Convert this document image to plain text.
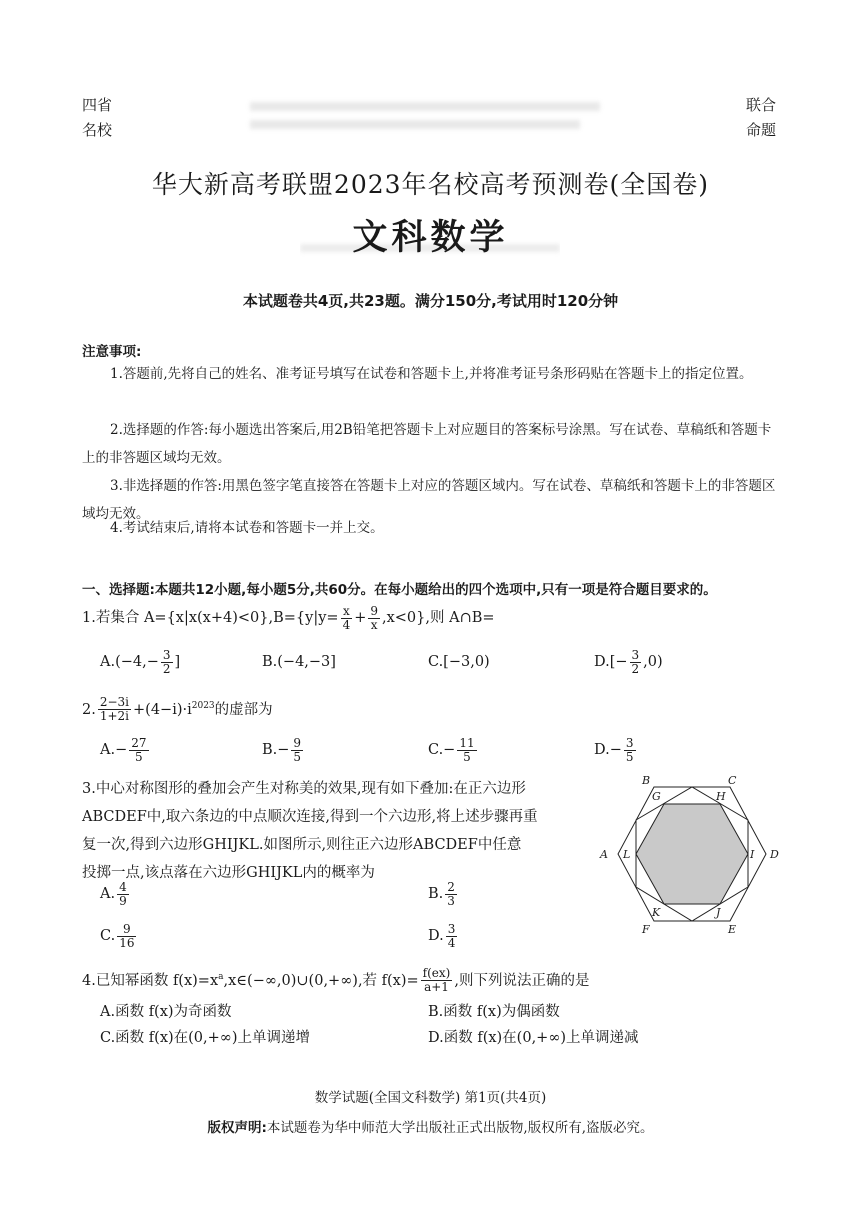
四省
名校
联合
命题
华大新高考联盟2023年名校高考预测卷(全国卷)
文科数学
本试题卷共4页,共23题。满分150分,考试用时120分钟
注意事项:
1.答题前,先将自己的姓名、准考证号填写在试卷和答题卡上,并将准考证号条形码贴在答题卡上的指定位置。
2.选择题的作答:每小题选出答案后,用2B铅笔把答题卡上对应题目的答案标号涂黑。写在试卷、草稿纸和答题卡上的非答题区域均无效。
3.非选择题的作答:用黑色签字笔直接答在答题卡上对应的答题区域内。写在试卷、草稿纸和答题卡上的非答题区域均无效。
4.考试结束后,请将本试卷和答题卡一并上交。
一、选择题:本题共12小题,每小题5分,共60分。在每小题给出的四个选项中,只有一项是符合题目要求的。
1.若集合 $A=\{x|x(x+4)<0\},B=\{y|y= \frac{x}{4} + \frac{9}{x} ,x<0\}$,则 A∩B=
$A.(-4,- \frac{3}{2}$ ]	B.(−4,−3]	C.[−3,0)	$D.[- \frac{3}{2} ,0)$
2. $\frac{2-3i}{1+2i} +(4-i)\cdot i^{2023}$的虚部为
$A.- \frac{27}{5}$	$B.- \frac{9}{5}$	$C.- \frac{11}{5}$	$D.- \frac{3}{5}$
3.中心对称图形的叠加会产生对称美的效果,现有如下叠加:在正六边形
ABCDEF中,取六条边的中点顺次连接,得到一个六边形,将上述步骤再重
复一次,得到六边形GHIJKL.如图所示,则往正六边形ABCDEF中任意
投掷一点,该点落在六边形GHIJKL内的概率为
A. $\frac{4}{9}$	B. $\frac{2}{3}$
C. $\frac{9}{16}$	D. $\frac{3}{4}$
A
B	C
D
E
F
G	H
I
J
K
L
4.已知幂函数 $f(x)=x^a,x\in(-\infty,0)\cup(0,+\infty)$,若 $f(x)= \frac{f(ex)}{a+1}$ ,则下列说法正确的是
A.函数 f(x)为奇函数	B.函数 f(x)为偶函数
C.函数 f(x)在(0,+∞)上单调递增	D.函数 f(x)在(0,+∞)上单调递减
数学试题(全国文科数学) 第1页(共4页)
版权声明:本试题卷为华中师范大学出版社正式出版物,版权所有,盗版必究。
